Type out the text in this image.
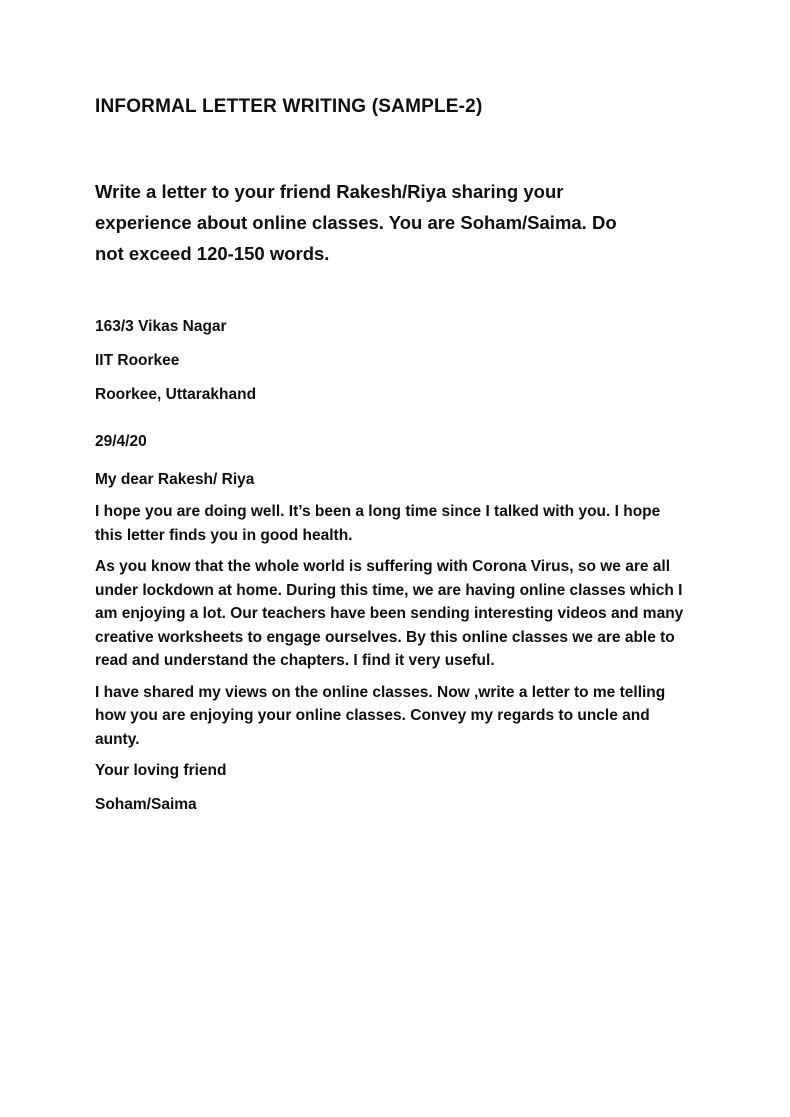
INFORMAL LETTER WRITING (SAMPLE-2)

Write a letter to your friend Rakesh/Riya sharing your experience about online classes. You are Soham/Saima. Do not exceed 120-150 words.

163/3 Vikas Nagar

IIT Roorkee

Roorkee, Uttarakhand

29/4/20

My dear Rakesh/ Riya

I hope you are doing well. It’s been a long time since I talked with you. I hope this letter finds you in good health.

As you know that the whole world is suffering with Corona Virus, so we are all under lockdown at home. During this time, we are having online classes which I am enjoying a lot. Our teachers have been sending interesting videos and many creative worksheets to engage ourselves. By this online classes we are able to read and understand the chapters. I find it very useful.

I have shared my views on the online classes. Now ,write a letter to me telling how you are enjoying your online classes. Convey my regards to uncle and aunty.

Your loving friend

Soham/Saima
